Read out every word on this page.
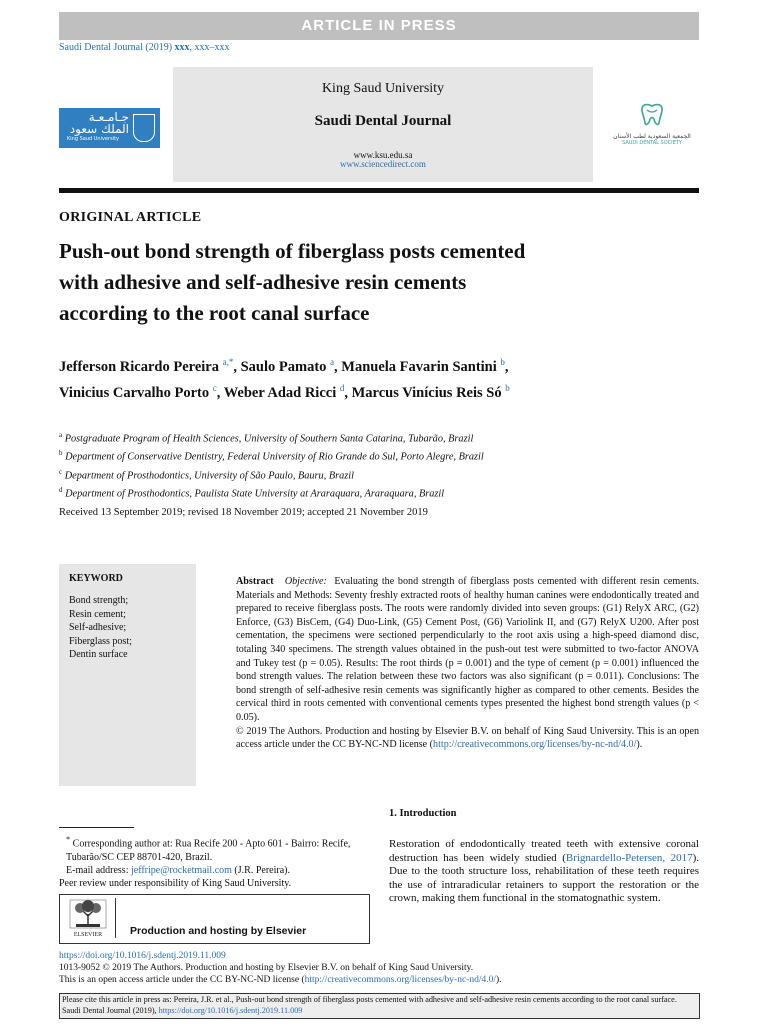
ARTICLE IN PRESS
Saudi Dental Journal (2019) xxx, xxx–xxx
King Saud University
Saudi Dental Journal
www.ksu.edu.sa
www.sciencedirect.com
جـامـعـة
الملك سعود
King Saud University	الجمعية السعودية لطب الأسنان
SAUDI DENTAL SOCIETY
ORIGINAL ARTICLE
Push-out bond strength of fiberglass posts cemented
with adhesive and self-adhesive resin cements
according to the root canal surface
Jefferson Ricardo Pereira $^{a,*}$, Saulo Pamato $^a$, Manuela Favarin Santini $^b$,
Vinicius Carvalho Porto $^c$, Weber Adad Ricci $^d$, Marcus Vinícius Reis Só $^b$
$^a$ Postgraduate Program of Health Sciences, University of Southern Santa Catarina, Tubarão, Brazil
$^b$ Department of Conservative Dentistry, Federal University of Rio Grande do Sul, Porto Alegre, Brazil
$^c$ Department of Prosthodontics, University of São Paulo, Bauru, Brazil
$^d$ Department of Prosthodontics, Paulista State University at Araraquara, Araraquara, Brazil
Received 13 September 2019; revised 18 November 2019; accepted 21 November 2019
KEYWORD
Bond strength;
Resin cement;
Self-adhesive;
Fiberglass post;
Dentin surface

Abstract Objective: Evaluating the bond strength of fiberglass posts cemented with different resin cements. Materials and Methods: Seventy freshly extracted roots of healthy human canines were endodontically treated and prepared to receive fiberglass posts. The roots were randomly divided into seven groups: (G1) RelyX ARC, (G2) Enforce, (G3) BisCem, (G4) Duo-Link, (G5) Cement Post, (G6) Variolink II, and (G7) RelyX U200. After post cementation, the specimens were sectioned perpendicularly to the root axis using a high-speed diamond disc, totaling 340 specimens. The strength values obtained in the push-out test were submitted to two-factor ANOVA and Tukey test (p = 0.05). Results: The root thirds (p = 0.001) and the type of cement (p = 0.001) influenced the bond strength values. The relation between these two factors was also significant (p = 0.011). Conclusions: The bond strength of self-adhesive resin cements was significantly higher as compared to other cements. Besides the cervical third in roots cemented with conventional cements types presented the highest bond strength values (p < 0.05).

© 2019 The Authors. Production and hosting by Elsevier B.V. on behalf of King Saud University. This is an open access article under the CC BY-NC-ND license (http://creativecommons.org/licenses/by-nc-nd/4.0/).

1. Introduction
Restoration of endodontically treated teeth with extensive coronal destruction has been widely studied (Brignardello-Petersen, 2017). Due to the tooth structure loss, rehabilitation of these teeth requires the use of intraradicular retainers to support the restoration or the crown, making them functional in the stomatognathic system.
* Corresponding author at: Rua Recife 200 - Apto 601 - Bairro: Recife, Tubarão/SC CEP 88701-420, Brazil.
E-mail address: jeffripe@rocketmail.com (J.R. Pereira).
Peer review under responsibility of King Saud University.
ELSEVIER	Production and hosting by Elsevier
https://doi.org/10.1016/j.sdentj.2019.11.009
1013-9052 © 2019 The Authors. Production and hosting by Elsevier B.V. on behalf of King Saud University.
This is an open access article under the CC BY-NC-ND license (http://creativecommons.org/licenses/by-nc-nd/4.0/).
Please cite this article in press as: Pereira, J.R. et al., Push-out bond strength of fiberglass posts cemented with adhesive and self-adhesive resin cements according to the root canal surface. Saudi Dental Journal (2019), https://doi.org/10.1016/j.sdentj.2019.11.009
